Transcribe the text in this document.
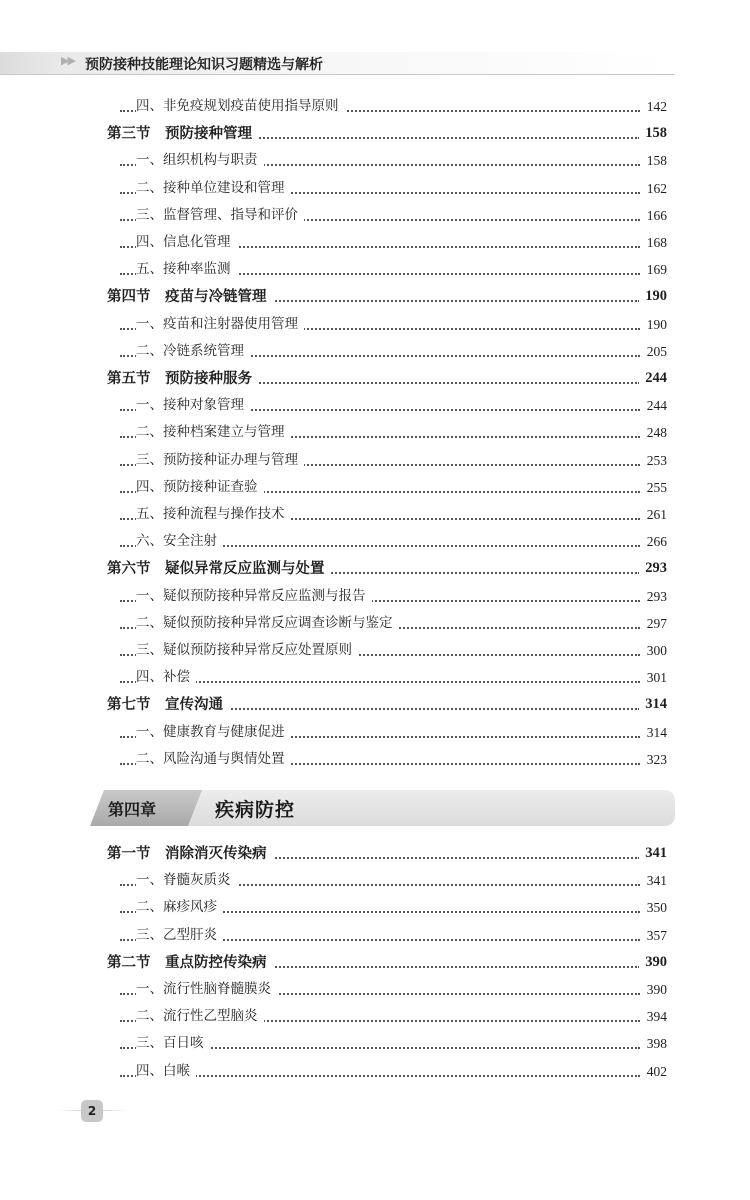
▶▶ 预防接种技能理论知识习题精选与解析
四、非免疫规划疫苗使用指导原则	142
第三节　预防接种管理	158
一、组织机构与职责	158
二、接种单位建设和管理	162
三、监督管理、指导和评价	166
四、信息化管理	168
五、接种率监测	169
第四节　疫苗与冷链管理	190
一、疫苗和注射器使用管理	190
二、冷链系统管理	205
第五节　预防接种服务	244
一、接种对象管理	244
二、接种档案建立与管理	248
三、预防接种证办理与管理	253
四、预防接种证查验	255
五、接种流程与操作技术	261
六、安全注射	266
第六节　疑似异常反应监测与处置	293
一、疑似预防接种异常反应监测与报告	293
二、疑似预防接种异常反应调查诊断与鉴定	297
三、疑似预防接种异常反应处置原则	300
四、补偿	301
第七节　宣传沟通	314
一、健康教育与健康促进	314
二、风险沟通与舆情处置	323
第四章	疾病防控
第一节　消除消灭传染病	341
一、脊髓灰质炎	341
二、麻疹风疹	350
三、乙型肝炎	357
第二节　重点防控传染病	390
一、流行性脑脊髓膜炎	390
二、流行性乙型脑炎	394
三、百日咳	398
四、白喉	402
2
